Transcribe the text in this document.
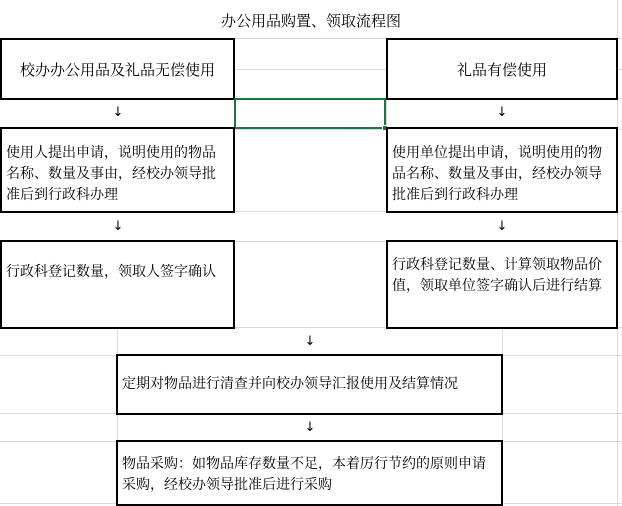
办公用品购置、领取流程图
校办办公用品及礼品无偿使用	礼品有偿使用
↓	↓
使用人提出申请，说明使用的物品名称、数量及事由，经校办领导批准后到行政科办理
使用单位提出申请，说明使用的物品名称、数量及事由，经校办领导批准后到行政科办理
↓	↓
行政科登记数量，领取人签字确认	行政科登记数量、计算领取物品价值，领取单位签字确认后进行结算
↓
定期对物品进行清查并向校办领导汇报使用及结算情况
↓
物品采购：如物品库存数量不足，本着厉行节约的原则申请采购，经校办领导批准后进行采购
